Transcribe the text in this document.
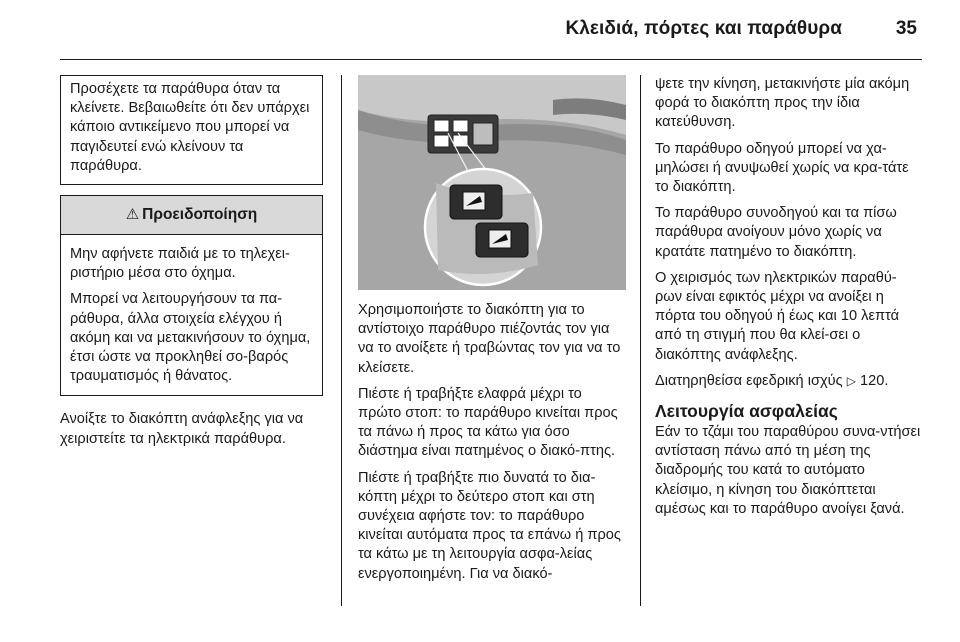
Κλειδιά, πόρτες και παράθυρα	35

Προσέχετε τα παράθυρα όταν τα κλείνετε. Βεβαιωθείτε ότι δεν υπάρχει κάποιο αντικείμενο που μπορεί να παγιδευτεί ενώ κλείνουν τα παράθυρα.

⚠ Προειδοποίηση

Μην αφήνετε παιδιά με το τηλεχει-ριστήριο μέσα στο όχημα.

Μπορεί να λειτουργήσουν τα πα-ράθυρα, άλλα στοιχεία ελέγχου ή ακόμη και να μετακινήσουν το όχημα, έτσι ώστε να προκληθεί σο-βαρός τραυματισμός ή θάνατος.

Ανοίξτε το διακόπτη ανάφλεξης για να χειριστείτε τα ηλεκτρικά παράθυρα.

Χρησιμοποιήστε το διακόπτη για το αντίστοιχο παράθυρο πιέζοντάς τον για να το ανοίξετε ή τραβώντας τον για να το κλείσετε.

Πιέστε ή τραβήξτε ελαφρά μέχρι το πρώτο στοπ: το παράθυρο κινείται προς τα πάνω ή προς τα κάτω για όσο διάστημα είναι πατημένος ο διακό-πτης.

Πιέστε ή τραβήξτε πιο δυνατά το δια-κόπτη μέχρι το δεύτερο στοπ και στη συνέχεια αφήστε τον: το παράθυρο κινείται αυτόματα προς τα επάνω ή προς τα κάτω με τη λειτουργία ασφα-λείας ενεργοποιημένη. Για να διακό-

ψετε την κίνηση, μετακινήστε μία ακόμη φορά το διακόπτη προς την ίδια κατεύθυνση.

Το παράθυρο οδηγού μπορεί να χα-μηλώσει ή ανυψωθεί χωρίς να κρα-τάτε το διακόπτη.

Το παράθυρο συνοδηγού και τα πίσω παράθυρα ανοίγουν μόνο χωρίς να κρατάτε πατημένο το διακόπτη.

Ο χειρισμός των ηλεκτρικών παραθύ-ρων είναι εφικτός μέχρι να ανοίξει η πόρτα του οδηγού ή έως και 10 λεπτά από τη στιγμή που θα κλεί-σει ο διακόπτης ανάφλεξης.

Διατηρηθείσα εφεδρική ισχύς ▷ 120.

Λειτουργία ασφαλείας

Εάν το τζάμι του παραθύρου συνα-ντήσει αντίσταση πάνω από τη μέση της διαδρομής του κατά το αυτόματο κλείσιμο, η κίνηση του διακόπτεται αμέσως και το παράθυρο ανοίγει ξανά.
